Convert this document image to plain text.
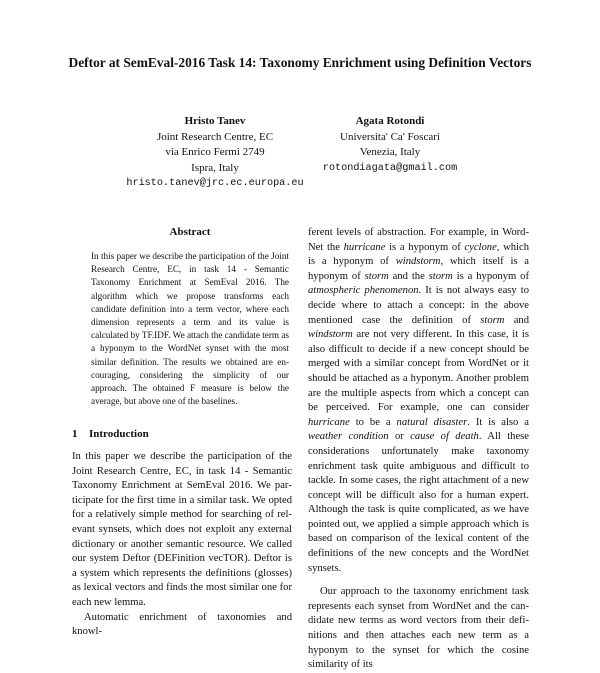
Deftor at SemEval-2016 Task 14: Taxonomy Enrichment using Definition Vectors
Hristo Tanev
Joint Research Centre, EC
via Enrico Fermi 2749
Ispra, Italy
hristo.tanev@jrc.ec.europa.eu
Agata Rotondi
Universita' Ca' Foscari
Venezia, Italy
rotondiagata@gmail.com
Abstract

In this paper we describe the participation of the Joint Research Centre, EC, in task 14 - Semantic Taxonomy Enrichment at SemEval 2016. The algorithm which we propose transforms each candidate definition into a term vector, where each dimension represents a term and its value is calculated by TF.IDF. We attach the candidate term as a hyponym to the WordNet synset with the most similar definition. The results we obtained are encouraging, considering the simplicity of our approach. The obtained F measure is below the average, but above one of the baselines.

1 Introduction

In this paper we describe the participation of the Joint Research Centre, EC, in task 14 - Semantic Taxonomy Enrichment at SemEval 2016. We participate for the first time in a similar task. We opted for a relatively simple method for searching of relevant synsets, which does not exploit any external dictionary or another semantic resource. We called our system Deftor (DEFinition vecTOR). Deftor is a system which represents the definitions (glosses) as lexical vectors and finds the most similar one for each new lemma.

Automatic enrichment of taxonomies and knowl-

ferent levels of abstraction. For example, in WordNet the hurricane is a hyponym of cyclone, which is a hyponym of windstorm, which itself is a hyponym of storm and the storm is a hyponym of atmospheric phenomenon. It is not always easy to decide where to attach a concept: in the above mentioned case the definition of storm and windstorm are not very different. In this case, it is also difficult to decide if a new concept should be merged with a similar concept from WordNet or it should be attached as a hyponym. Another problem are the multiple aspects from which a concept can be perceived. For example, one can consider hurricane to be a natural disaster. It is also a weather condition or cause of death. All these considerations unfortunately make taxonomy enrichment task quite ambiguous and difficult to tackle. In some cases, the right attachment of a new concept will be difficult also for a human expert. Although the task is quite complicated, as we have pointed out, we applied a simple approach which is based on comparison of the lexical content of the definitions of the new concepts and the WordNet synsets.

Our approach to the taxonomy enrichment task represents each synset from WordNet and the candidate new terms as word vectors from their definitions and then attaches each new term as a hyponym to the synset for which the cosine similarity of its
